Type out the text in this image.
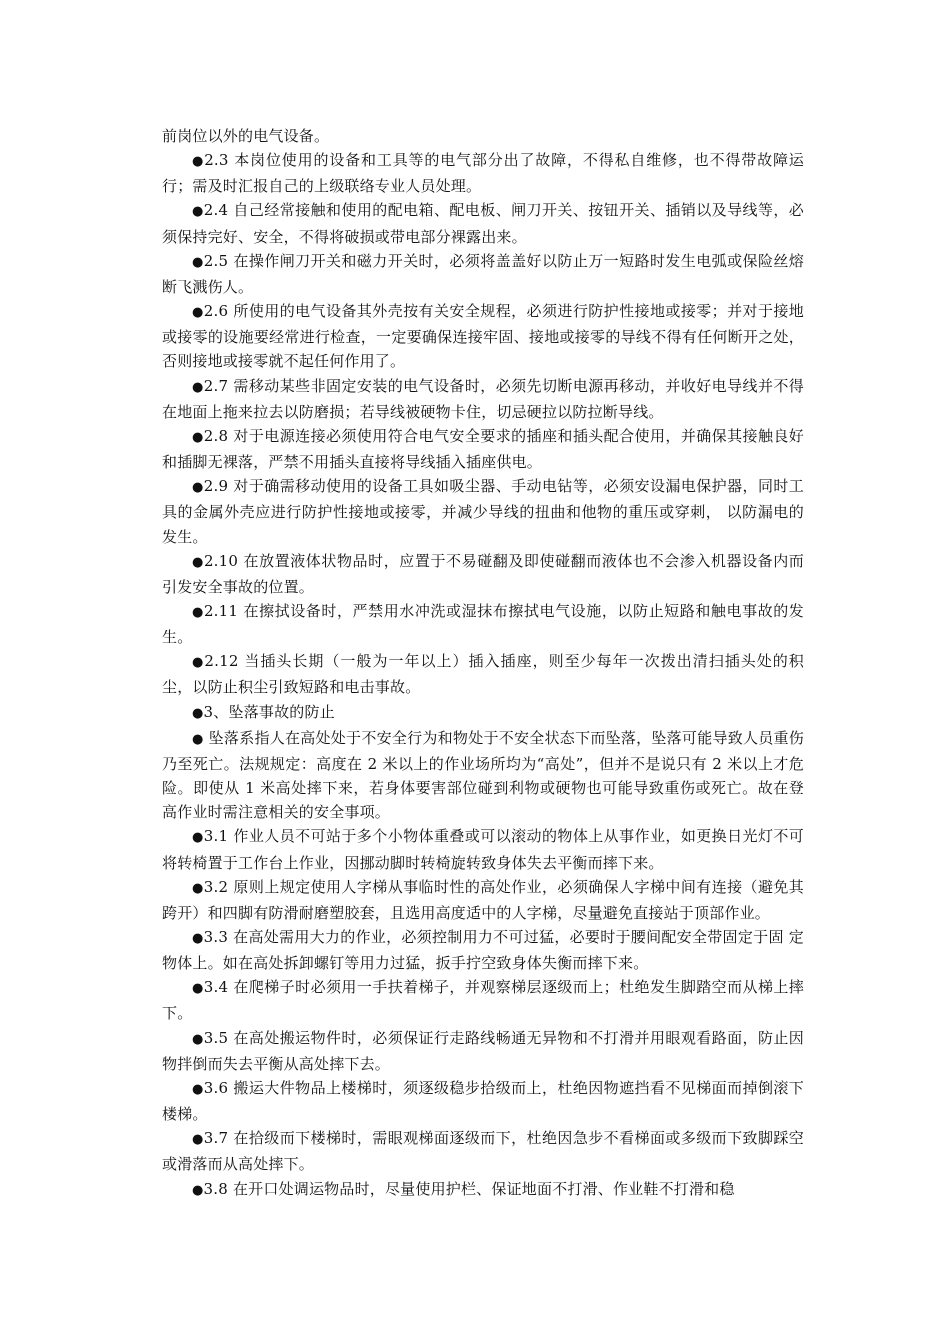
前岗位以外的电气设备。

●2.3 本岗位使用的设备和工具等的电气部分出了故障，不得私自维修，也不得带故障运行；需及时汇报自己的上级联络专业人员处理。

●2.4 自己经常接触和使用的配电箱、配电板、闸刀开关、按钮开关、插销以及导线等，必须保持完好、安全，不得将破损或带电部分裸露出来。

●2.5 在操作闸刀开关和磁力开关时，必须将盖盖好以防止万一短路时发生电弧或保险丝熔断飞溅伤人。

●2.6 所使用的电气设备其外壳按有关安全规程，必须进行防护性接地或接零；并对于接地或接零的设施要经常进行检查，一定要确保连接牢固、接地或接零的导线不得有任何断开之处，否则接地或接零就不起任何作用了。

●2.7 需移动某些非固定安装的电气设备时，必须先切断电源再移动，并收好电导线并不得在地面上拖来拉去以防磨损；若导线被硬物卡住，切忌硬拉以防拉断导线。

●2.8 对于电源连接必须使用符合电气安全要求的插座和插头配合使用，并确保其接触良好和插脚无裸落，严禁不用插头直接将导线插入插座供电。

●2.9 对于确需移动使用的设备工具如吸尘器、手动电钻等，必须安设漏电保护器，同时工具的金属外壳应进行防护性接地或接零，并减少导线的扭曲和他物的重压或穿刺， 以防漏电的发生。

●2.10 在放置液体状物品时，应置于不易碰翻及即使碰翻而液体也不会渗入机器设备内而引发安全事故的位置。

●2.11 在擦拭设备时，严禁用水冲洗或湿抹布擦拭电气设施，以防止短路和触电事故的发生。

●2.12 当插头长期（一般为一年以上）插入插座，则至少每年一次拨出清扫插头处的积尘，以防止积尘引致短路和电击事故。

●3、坠落事故的防止

● 坠落系指人在高处处于不安全行为和物处于不安全状态下而坠落，坠落可能导致人员重伤乃至死亡。法规规定：高度在 2 米以上的作业场所均为“高处”，但并不是说只有 2 米以上才危险。即使从 1 米高处摔下来，若身体要害部位碰到利物或硬物也可能导致重伤或死亡。故在登高作业时需注意相关的安全事项。

●3.1 作业人员不可站于多个小物体重叠或可以滚动的物体上从事作业，如更换日光灯不可将转椅置于工作台上作业，因挪动脚时转椅旋转致身体失去平衡而摔下来。

●3.2 原则上规定使用人字梯从事临时性的高处作业，必须确保人字梯中间有连接（避免其跨开）和四脚有防滑耐磨塑胶套，且选用高度适中的人字梯，尽量避免直接站于顶部作业。

●3.3 在高处需用大力的作业，必须控制用力不可过猛，必要时于腰间配安全带固定于固 定物体上。如在高处拆卸螺钉等用力过猛，扳手拧空致身体失衡而摔下来。

●3.4 在爬梯子时必须用一手扶着梯子，并观察梯层逐级而上；杜绝发生脚踏空而从梯上摔下。

●3.5 在高处搬运物件时，必须保证行走路线畅通无异物和不打滑并用眼观看路面，防止因物拌倒而失去平衡从高处摔下去。

●3.6 搬运大件物品上楼梯时，须逐级稳步拾级而上，杜绝因物遮挡看不见梯面而掉倒滚下楼梯。

●3.7 在拾级而下楼梯时，需眼观梯面逐级而下，杜绝因急步不看梯面或多级而下致脚踩空或滑落而从高处摔下。

●3.8 在开口处调运物品时，尽量使用护栏、保证地面不打滑、作业鞋不打滑和稳
